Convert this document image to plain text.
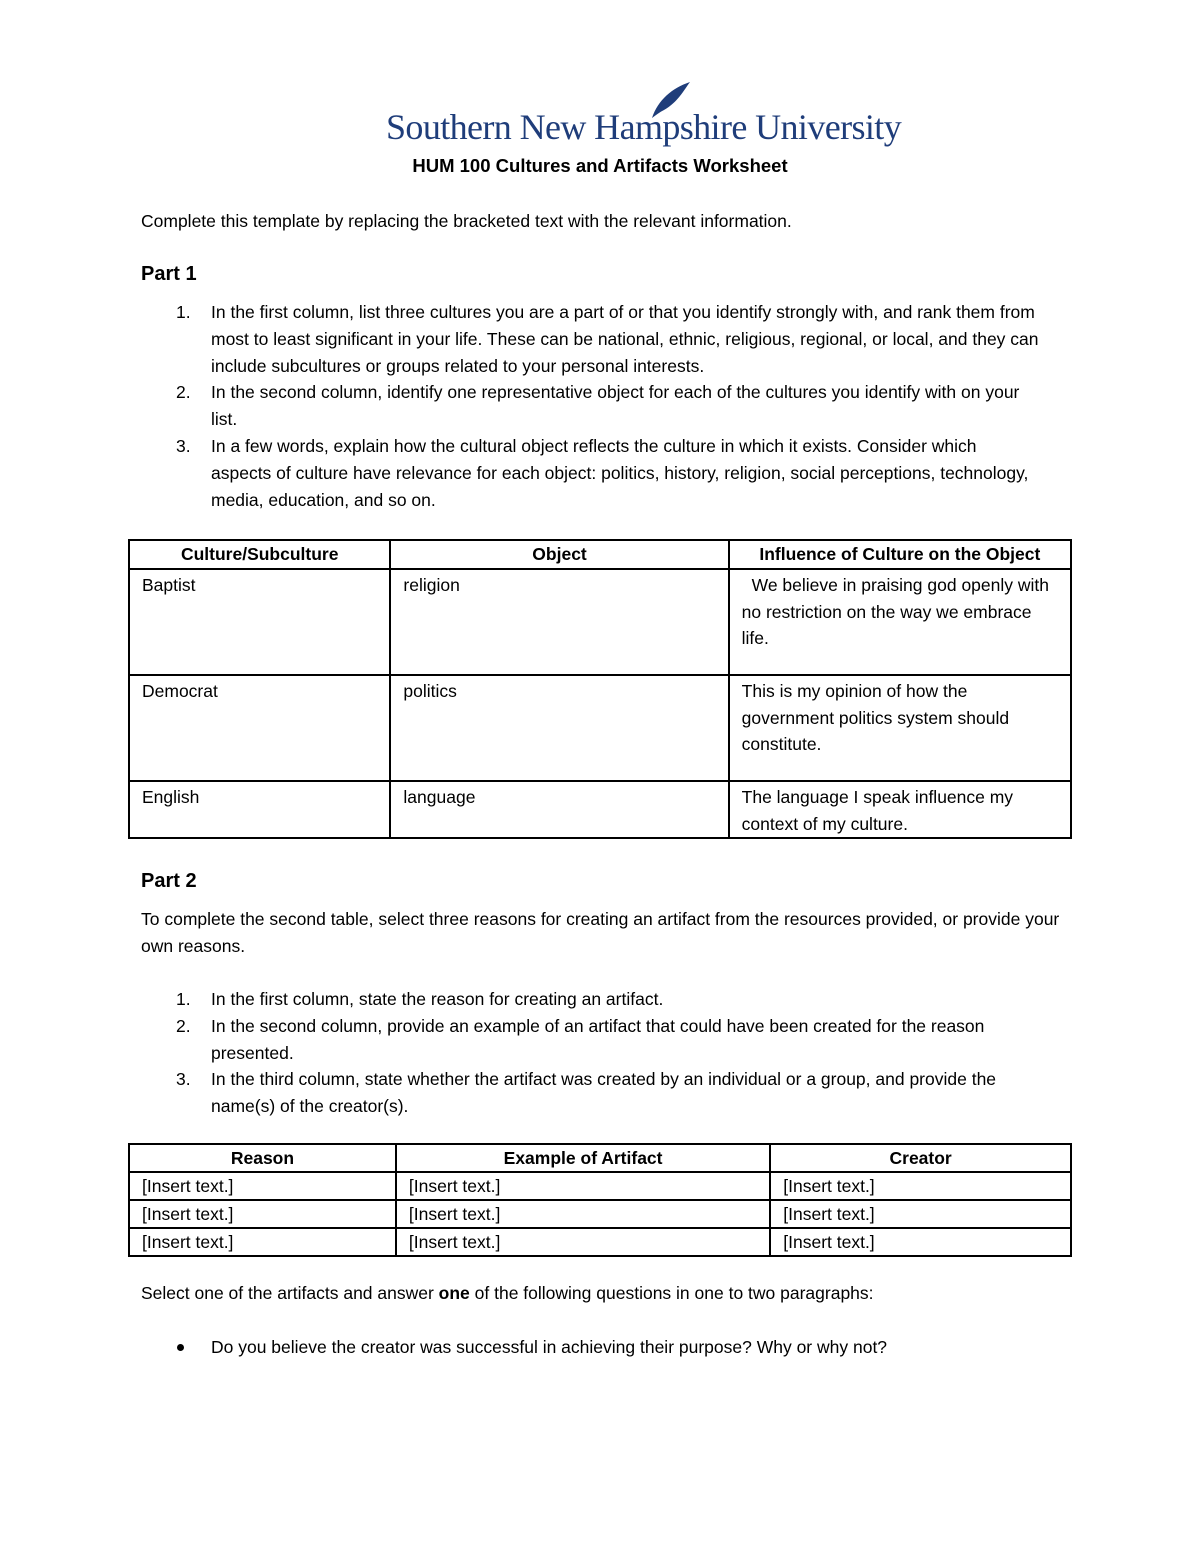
Southern New Hampshire University
HUM 100 Cultures and Artifacts Worksheet

Complete this template by replacing the bracketed text with the relevant information.

Part 1
1. In the first column, list three cultures you are a part of or that you identify strongly with, and rank them from most to least significant in your life. These can be national, ethnic, religious, regional, or local, and they can include subcultures or groups related to your personal interests.
2. In the second column, identify one representative object for each of the cultures you identify with on your list.
3. In a few words, explain how the cultural object reflects the culture in which it exists. Consider which aspects of culture have relevance for each object: politics, history, religion, social perceptions, technology, media, education, and so on.
Culture/Subculture	Object	Influence of Culture on the Object
Baptist	religion	We believe in praising god openly with no restriction on the way we embrace life.
Democrat	politics	This is my opinion of how the government politics system should constitute.
English	language	The language I speak influence my context of my culture.
Part 2

To complete the second table, select three reasons for creating an artifact from the resources provided, or provide your own reasons.

1. In the first column, state the reason for creating an artifact.
2. In the second column, provide an example of an artifact that could have been created for the reason presented.
3. In the third column, state whether the artifact was created by an individual or a group, and provide the name(s) of the creator(s).
Reason	Example of Artifact	Creator
[Insert text.]	[Insert text.]	[Insert text.]
[Insert text.]	[Insert text.]	[Insert text.]
[Insert text.]	[Insert text.]	[Insert text.]

Select one of the artifacts and answer one of the following questions in one to two paragraphs:

Do you believe the creator was successful in achieving their purpose? Why or why not?
